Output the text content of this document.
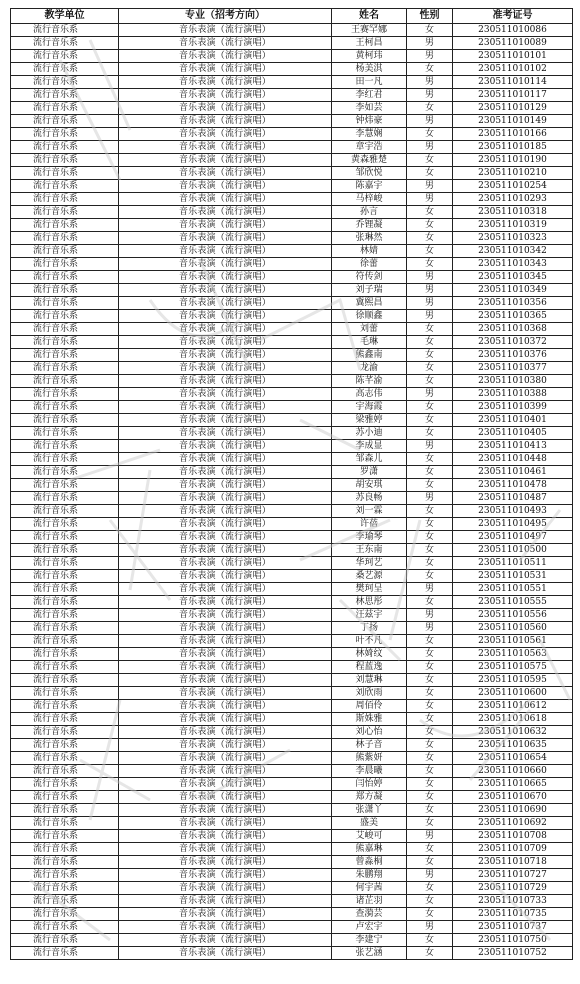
教学单位	专业（招考方向）	姓名	性别	准考证号
流行音乐系	音乐表演（流行演唱）	王赛罕娜	女	230511010086
流行音乐系	音乐表演（流行演唱）	王柯昌	男	230511010089
流行音乐系	音乐表演（流行演唱）	黄柯玮	男	230511010101
流行音乐系	音乐表演（流行演唱）	杨美淇	女	230511010102
流行音乐系	音乐表演（流行演唱）	田一凡	男	230511010114
流行音乐系	音乐表演（流行演唱）	李红君	男	230511010117
流行音乐系	音乐表演（流行演唱）	李如芸	女	230511010129
流行音乐系	音乐表演（流行演唱）	钟炜豪	男	230511010149
流行音乐系	音乐表演（流行演唱）	李慧娴	女	230511010166
流行音乐系	音乐表演（流行演唱）	章宇浩	男	230511010185
流行音乐系	音乐表演（流行演唱）	黄森雅楚	女	230511010190
流行音乐系	音乐表演（流行演唱）	邹欣悦	女	230511010210
流行音乐系	音乐表演（流行演唱）	陈嘉宇	男	230511010254
流行音乐系	音乐表演（流行演唱）	马梓峻	男	230511010293
流行音乐系	音乐表演（流行演唱）	孙言	女	230511010318
流行音乐系	音乐表演（流行演唱）	乔锂凝	女	230511010319
流行音乐系	音乐表演（流行演唱）	张琳然	女	230511010323
流行音乐系	音乐表演（流行演唱）	林婧	女	230511010342
流行音乐系	音乐表演（流行演唱）	徐蕾	女	230511010343
流行音乐系	音乐表演（流行演唱）	符传剑	男	230511010345
流行音乐系	音乐表演（流行演唱）	刘子瑞	男	230511010349
流行音乐系	音乐表演（流行演唱）	冀熙昌	男	230511010356
流行音乐系	音乐表演（流行演唱）	徐顺鑫	男	230511010365
流行音乐系	音乐表演（流行演唱）	刘蕾	女	230511010368
流行音乐系	音乐表演（流行演唱）	毛琳	女	230511010372
流行音乐系	音乐表演（流行演唱）	熊鑫南	女	230511010376
流行音乐系	音乐表演（流行演唱）	龙渝	女	230511010377
流行音乐系	音乐表演（流行演唱）	陈芊渝	女	230511010380
流行音乐系	音乐表演（流行演唱）	高志伟	男	230511010388
流行音乐系	音乐表演（流行演唱）	宇海霞	女	230511010399
流行音乐系	音乐表演（流行演唱）	梁雅婷	女	230511010401
流行音乐系	音乐表演（流行演唱）	苏小迪	女	230511010405
流行音乐系	音乐表演（流行演唱）	李成显	男	230511010413
流行音乐系	音乐表演（流行演唱）	邹森儿	女	230511010448
流行音乐系	音乐表演（流行演唱）	罗潇	女	230511010461
流行音乐系	音乐表演（流行演唱）	胡安琪	女	230511010478
流行音乐系	音乐表演（流行演唱）	苏良畅	男	230511010487
流行音乐系	音乐表演（流行演唱）	刘一霖	女	230511010493
流行音乐系	音乐表演（流行演唱）	许蓓	女	230511010495
流行音乐系	音乐表演（流行演唱）	李瑜琴	女	230511010497
流行音乐系	音乐表演（流行演唱）	王东南	女	230511010500
流行音乐系	音乐表演（流行演唱）	华珂艺	女	230511010511
流行音乐系	音乐表演（流行演唱）	桑艺源	女	230511010531
流行音乐系	音乐表演（流行演唱）	樊珂呈	男	230511010551
流行音乐系	音乐表演（流行演唱）	林思彤	女	230511010555
流行音乐系	音乐表演（流行演唱）	汪兹宇	男	230511010556
流行音乐系	音乐表演（流行演唱）	丁扬	男	230511010560
流行音乐系	音乐表演（流行演唱）	叶不凡	女	230511010561
流行音乐系	音乐表演（流行演唱）	林婍纹	女	230511010563
流行音乐系	音乐表演（流行演唱）	程蓝逸	女	230511010575
流行音乐系	音乐表演（流行演唱）	刘慧琳	女	230511010595
流行音乐系	音乐表演（流行演唱）	刘欣雨	女	230511010600
流行音乐系	音乐表演（流行演唱）	周佰伶	女	230511010612
流行音乐系	音乐表演（流行演唱）	斯姝雅	女	230511010618
流行音乐系	音乐表演（流行演唱）	刘心怡	女	230511010632
流行音乐系	音乐表演（流行演唱）	林子音	女	230511010635
流行音乐系	音乐表演（流行演唱）	熊紫妍	女	230511010654
流行音乐系	音乐表演（流行演唱）	李晨曦	女	230511010660
流行音乐系	音乐表演（流行演唱）	闫怡婷	女	230511010665
流行音乐系	音乐表演（流行演唱）	郑方凝	女	230511010670
流行音乐系	音乐表演（流行演唱）	张潇丫	女	230511010690
流行音乐系	音乐表演（流行演唱）	盛美	女	230511010692
流行音乐系	音乐表演（流行演唱）	艾峻可	男	230511010708
流行音乐系	音乐表演（流行演唱）	熊嘉琳	女	230511010709
流行音乐系	音乐表演（流行演唱）	曾淼桐	女	230511010718
流行音乐系	音乐表演（流行演唱）	朱鹏翔	男	230511010727
流行音乐系	音乐表演（流行演唱）	何宇茜	女	230511010729
流行音乐系	音乐表演（流行演唱）	诸芷羽	女	230511010733
流行音乐系	音乐表演（流行演唱）	查漪芸	女	230511010735
流行音乐系	音乐表演（流行演唱）	卢宏宇	男	230511010737
流行音乐系	音乐表演（流行演唱）	李建宁	女	230511010750
流行音乐系	音乐表演（流行演唱）	张艺涵	女	230511010752
